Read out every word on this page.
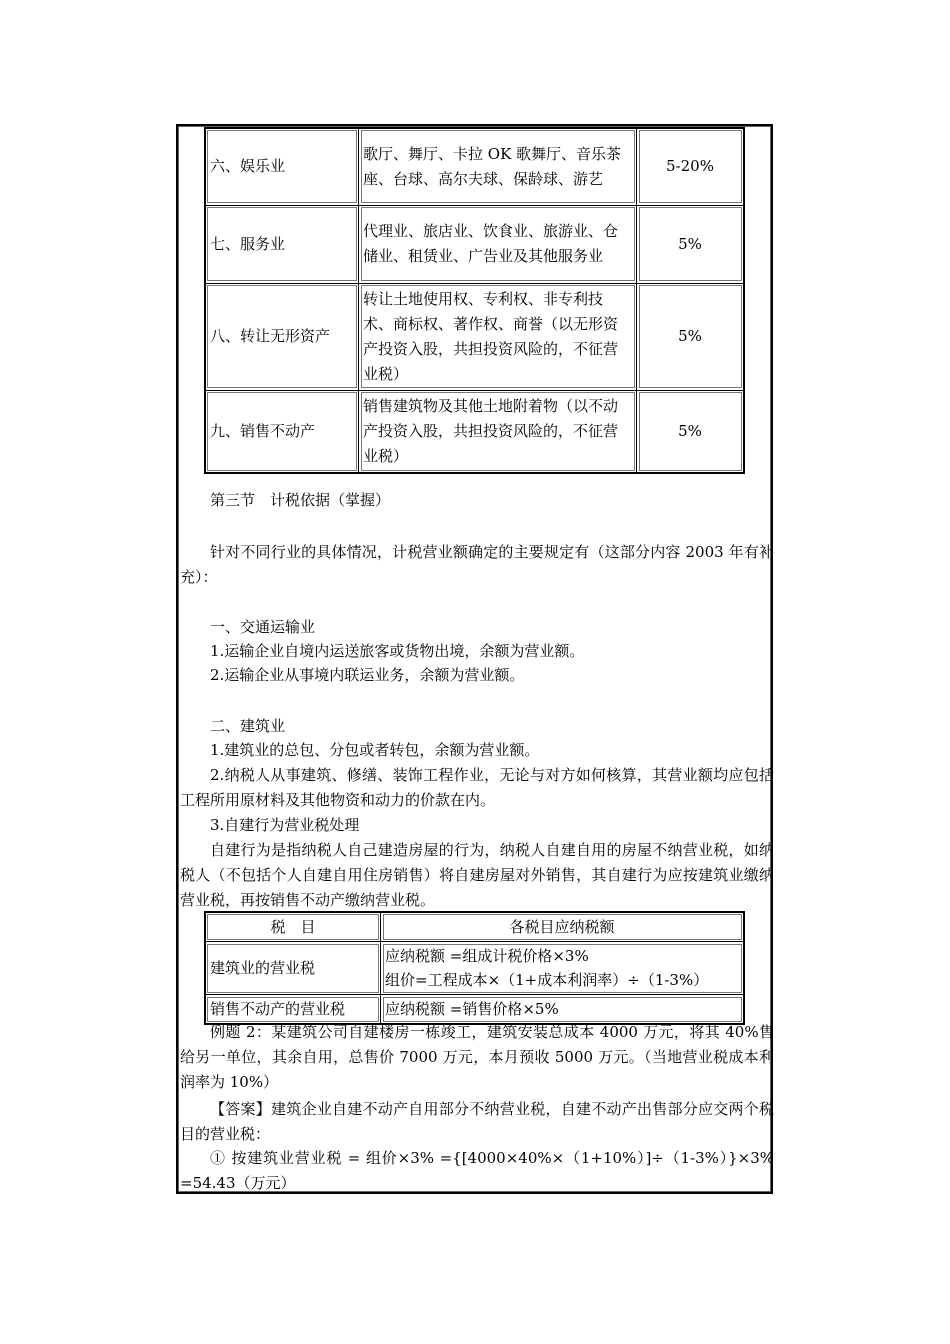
六、娱乐业	歌厅、舞厅、卡拉 OK 歌舞厅、音乐茶座、台球、高尔夫球、保龄球、游艺	5-20%
七、服务业	代理业、旅店业、饮食业、旅游业、仓储业、租赁业、广告业及其他服务业	5%
八、转让无形资产	转让土地使用权、专利权、非专利技术、商标权、著作权、商誉（以无形资产投资入股，共担投资风险的，不征营业税）	5%
九、销售不动产	销售建筑物及其他土地附着物（以不动产投资入股，共担投资风险的，不征营业税）	5%
第三节　计税依据（掌握）
针对不同行业的具体情况，计税营业额确定的主要规定有（这部分内容 2003 年有补充）：
一、交通运输业
1.运输企业自境内运送旅客或货物出境，余额为营业额。
2.运输企业从事境内联运业务，余额为营业额。
二、建筑业
1.建筑业的总包、分包或者转包，余额为营业额。
2.纳税人从事建筑、修缮、装饰工程作业，无论与对方如何核算，其营业额均应包括工程所用原材料及其他物资和动力的价款在内。
3.自建行为营业税处理
自建行为是指纳税人自己建造房屋的行为，纳税人自建自用的房屋不纳营业税，如纳税人（不包括个人自建自用住房销售）将自建房屋对外销售，其自建行为应按建筑业缴纳营业税，再按销售不动产缴纳营业税。
税　目	各税目应纳税额
建筑业的营业税	应纳税额 =组成计税价格×3%
组价=工程成本×（1+成本利润率）÷（1-3%）

销售不动产的营业税	应纳税额 =销售价格×5%
例题 2：某建筑公司自建楼房一栋竣工，建筑安装总成本 4000 万元，将其 40%售给另一单位，其余自用，总售价 7000 万元，本月预收 5000 万元。（当地营业税成本利润率为 10%）
【答案】建筑企业自建不动产自用部分不纳营业税，自建不动产出售部分应交两个税目的营业税：
① 按建筑业营业税 = 组价×3% ={[4000×40%×（1+10%）]÷（1-3%）}×3% =54.43（万元）
